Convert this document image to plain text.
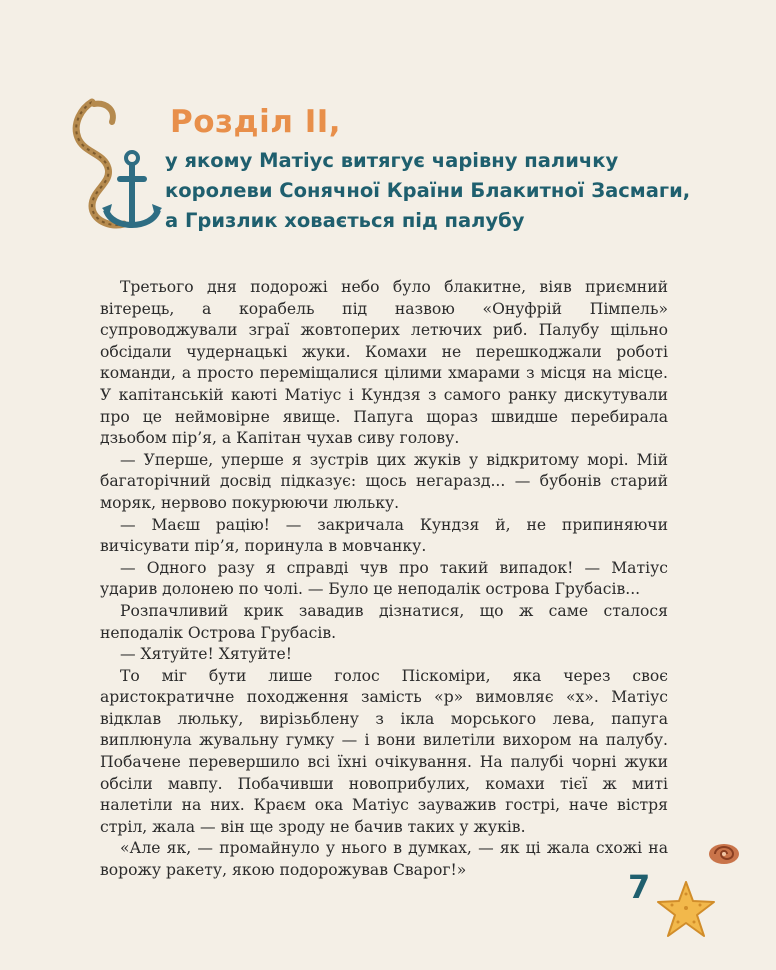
Розділ ІІ,
у якому Матіус витягує чарівну паличку
королеви Сонячної Країни Блакитної Засмаги,
а Гризлик ховається під палубу

Третього дня подорожі небо було блакитне, віяв приємний вітерець, а корабель під назвою «Онуфрій Пімпель» супроводжували зграї жовтоперих летючих риб. Палубу щільно обсідали чудернацькі жуки. Комахи не перешкоджали роботі команди, а просто переміщалися цілими хмарами з місця на місце. У капітанській каюті Матіус і Кундзя з самого ранку дискутували про це неймовірне явище. Папуга щораз швидше перебирала дзьобом пір’я, а Капітан чухав сиву голову.

— Уперше, уперше я зустрів цих жуків у відкритому морі. Мій багаторічний досвід підказує: щось негаразд... — бубонів старий моряк, нервово покурюючи люльку.

— Маєш рацію! — закричала Кундзя й, не припиняючи вичісувати пір’я, поринула в мовчанку.

— Одного разу я справді чув про такий випадок! — Матіус ударив долонею по чолі. — Було це неподалік острова Грубасів...

Розпачливий крик завадив дізнатися, що ж саме сталося неподалік Острова Грубасів.

— Хятуйте! Хятуйте!

То міг бути лише голос Піскоміри, яка через своє аристократичне походження замість «р» вимовляє «х». Матіус відклав люльку, вирізьблену з ікла морського лева, папуга виплюнула жувальну гумку — і вони вилетіли вихором на палубу. Побачене перевершило всі їхні очікування. На палубі чорні жуки обсіли мавпу. Побачивши новоприбулих, комахи тієї ж миті налетіли на них. Краєм ока Матіус зауважив гострі, наче вістря стріл, жала — він ще зроду не бачив таких у жуків.

«Але як, — промайнуло у нього в думках, — як ці жала схожі на ворожу ракету, якою подорожував Сварог!»	7
